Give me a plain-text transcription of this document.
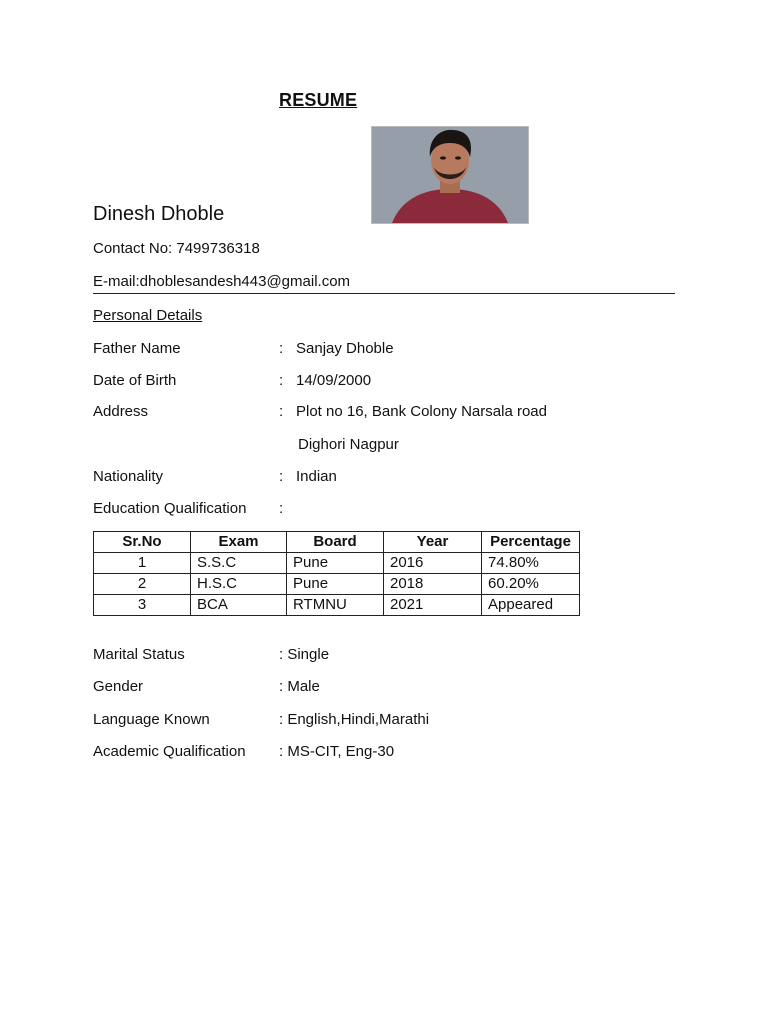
RESUME
Dinesh Dhoble
Contact No: 7499736318
E-mail:dhoblesandesh443@gmail.com
Personal Details
Father Name	: Sanjay Dhoble
Date of Birth	: 14/09/2000
Address	: Plot no 16, Bank Colony Narsala road
Dighori Nagpur
Nationality	: Indian
Education Qualification :
Sr.No	Exam	Board	Year	Percentage
1	S.S.C	Pune	2016	74.80%
2	H.S.C	Pune	2018	60.20%
3	BCA	RTMNU	2021	Appeared
Marital Status	: Single
Gender	: Male
Language Known	: English,Hindi,Marathi
Academic Qualification : MS-CIT, Eng-30
